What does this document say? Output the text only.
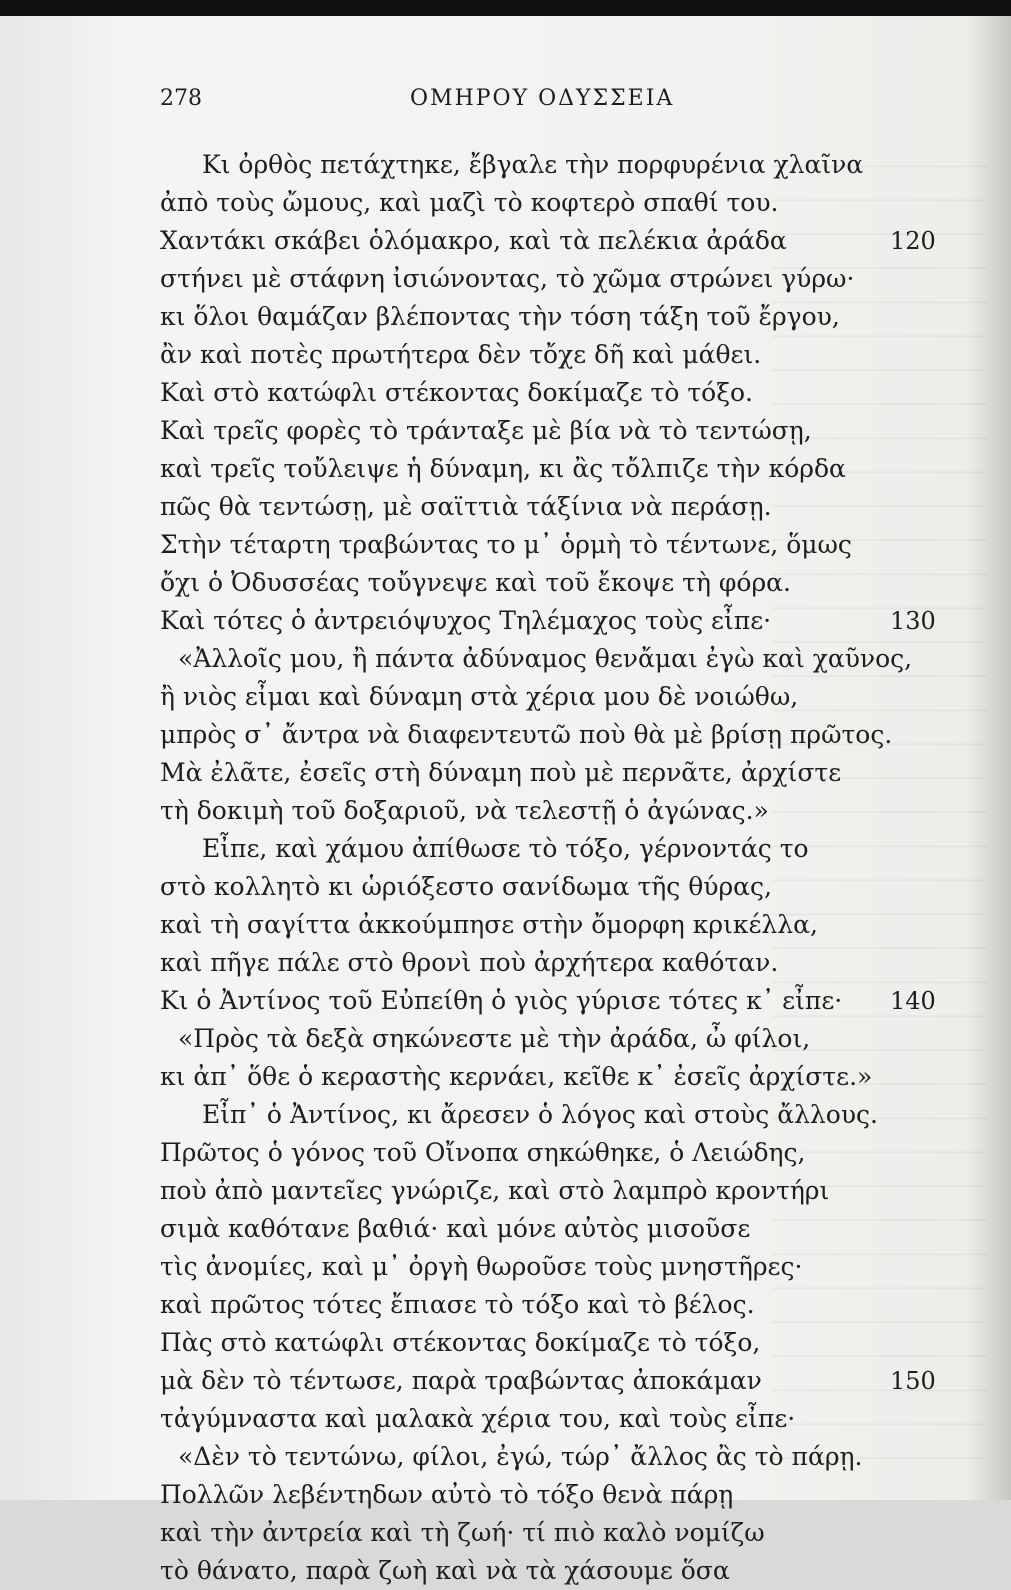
278	ΟΜΗΡΟΥ ΟΔΥΣΣΕΙΑ
Κι ὀρθὸς πετάχτηκε, ἔβγαλε τὴν πορφυρένια χλαῖνα
ἀπὸ τοὺς ὤμους, καὶ μαζὶ τὸ κοφτερὸ σπαθί του.
Χαντάκι σκάβει ὁλόμακρο, καὶ τὰ πελέκια ἀράδα	120
στήνει μὲ στάφνη ἰσιώνοντας, τὸ χῶμα στρώνει γύρω·
κι ὅλοι θαμάζαν βλέποντας τὴν τόση τάξη τοῦ ἔργου,
ἂν καὶ ποτὲς πρωτήτερα δὲν τὄχε δῆ καὶ μάθει.
Καὶ στὸ κατώφλι στέκοντας δοκίμαζε τὸ τόξο.
Καὶ τρεῖς φορὲς τὸ τράνταξε μὲ βία νὰ τὸ τεντώσῃ,
καὶ τρεῖς τοὔλειψε ἡ δύναμη, κι ἂς τὄλπιζε τὴν κόρδα
πῶς θὰ τεντώσῃ, μὲ σαϊττιὰ τάξίνια νὰ περάσῃ.
Στὴν τέταρτη τραβώντας το μ᾽ ὁρμὴ τὸ τέντωνε, ὅμως
ὄχι ὁ Ὀδυσσέας τοὔγνεψε καὶ τοῦ ἔκοψε τὴ φόρα.
Καὶ τότες ὁ ἀντρειόψυχος Τηλέμαχος τοὺς εἶπε·	130
«Ἀλλοῖς μου, ἢ πάντα ἀδύναμος θενἄμαι ἐγὼ καὶ χαῦνος,
ἢ νιὸς εἶμαι καὶ δύναμη στὰ χέρια μου δὲ νοιώθω,
μπρὸς σ᾽ ἄντρα νὰ διαφεντευτῶ ποὺ θὰ μὲ βρίσῃ πρῶτος.
Μὰ ἐλᾶτε, ἐσεῖς στὴ δύναμη ποὺ μὲ περνᾶτε, ἀρχίστε
τὴ δοκιμὴ τοῦ δοξαριοῦ, νὰ τελεστῇ ὁ ἀγώνας.»
Εἶπε, καὶ χάμου ἀπίθωσε τὸ τόξο, γέρνοντάς το
στὸ κολλητὸ κι ὡριόξεστο σανίδωμα τῆς θύρας,
καὶ τὴ σαγίττα ἀκκούμπησε στὴν ὄμορφη κρικέλλα,
καὶ πῆγε πάλε στὸ θρονὶ ποὺ ἀρχήτερα καθόταν.
Κι ὁ Ἀντίνος τοῦ Εὐπείθη ὁ γιὸς γύρισε τότες κ᾽ εἶπε· 140
«Πρὸς τὰ δεξὰ σηκώνεστε μὲ τὴν ἀράδα, ὦ φίλοι,
κι ἀπ᾽ ὅθε ὁ κεραστὴς κερνάει, κεῖθε κ᾽ ἐσεῖς ἀρχίστε.»
Εἶπ᾽ ὁ Ἀντίνος, κι ἄρεσεν ὁ λόγος καὶ στοὺς ἄλλους.
Πρῶτος ὁ γόνος τοῦ Οἴνοπα σηκώθηκε, ὁ Λειώδης,
ποὺ ἀπὸ μαντεῖες γνώριζε, καὶ στὸ λαμπρὸ κροντήρι
σιμὰ καθότανε βαθιά· καὶ μόνε αὐτὸς μισοῦσε
τὶς ἀνομίες, καὶ μ᾽ ὀργὴ θωροῦσε τοὺς μνηστῆρες·
καὶ πρῶτος τότες ἔπιασε τὸ τόξο καὶ τὸ βέλος.
Πὰς στὸ κατώφλι στέκοντας δοκίμαζε τὸ τόξο,
μὰ δὲν τὸ τέντωσε, παρὰ τραβώντας ἀποκάμαν	150
τἀγύμναστα καὶ μαλακὰ χέρια του, καὶ τοὺς εἶπε·
«Δὲν τὸ τεντώνω, φίλοι, ἐγώ, τώρ᾽ ἄλλος ἂς τὸ πάρῃ.
Πολλῶν λεβέντηδων αὐτὸ τὸ τόξο θενὰ πάρῃ
καὶ τὴν ἀντρεία καὶ τὴ ζωή· τί πιὸ καλὸ νομίζω
τὸ θάνατο, παρὰ ζωὴ καὶ νὰ τὰ χάσουμε ὅσα
